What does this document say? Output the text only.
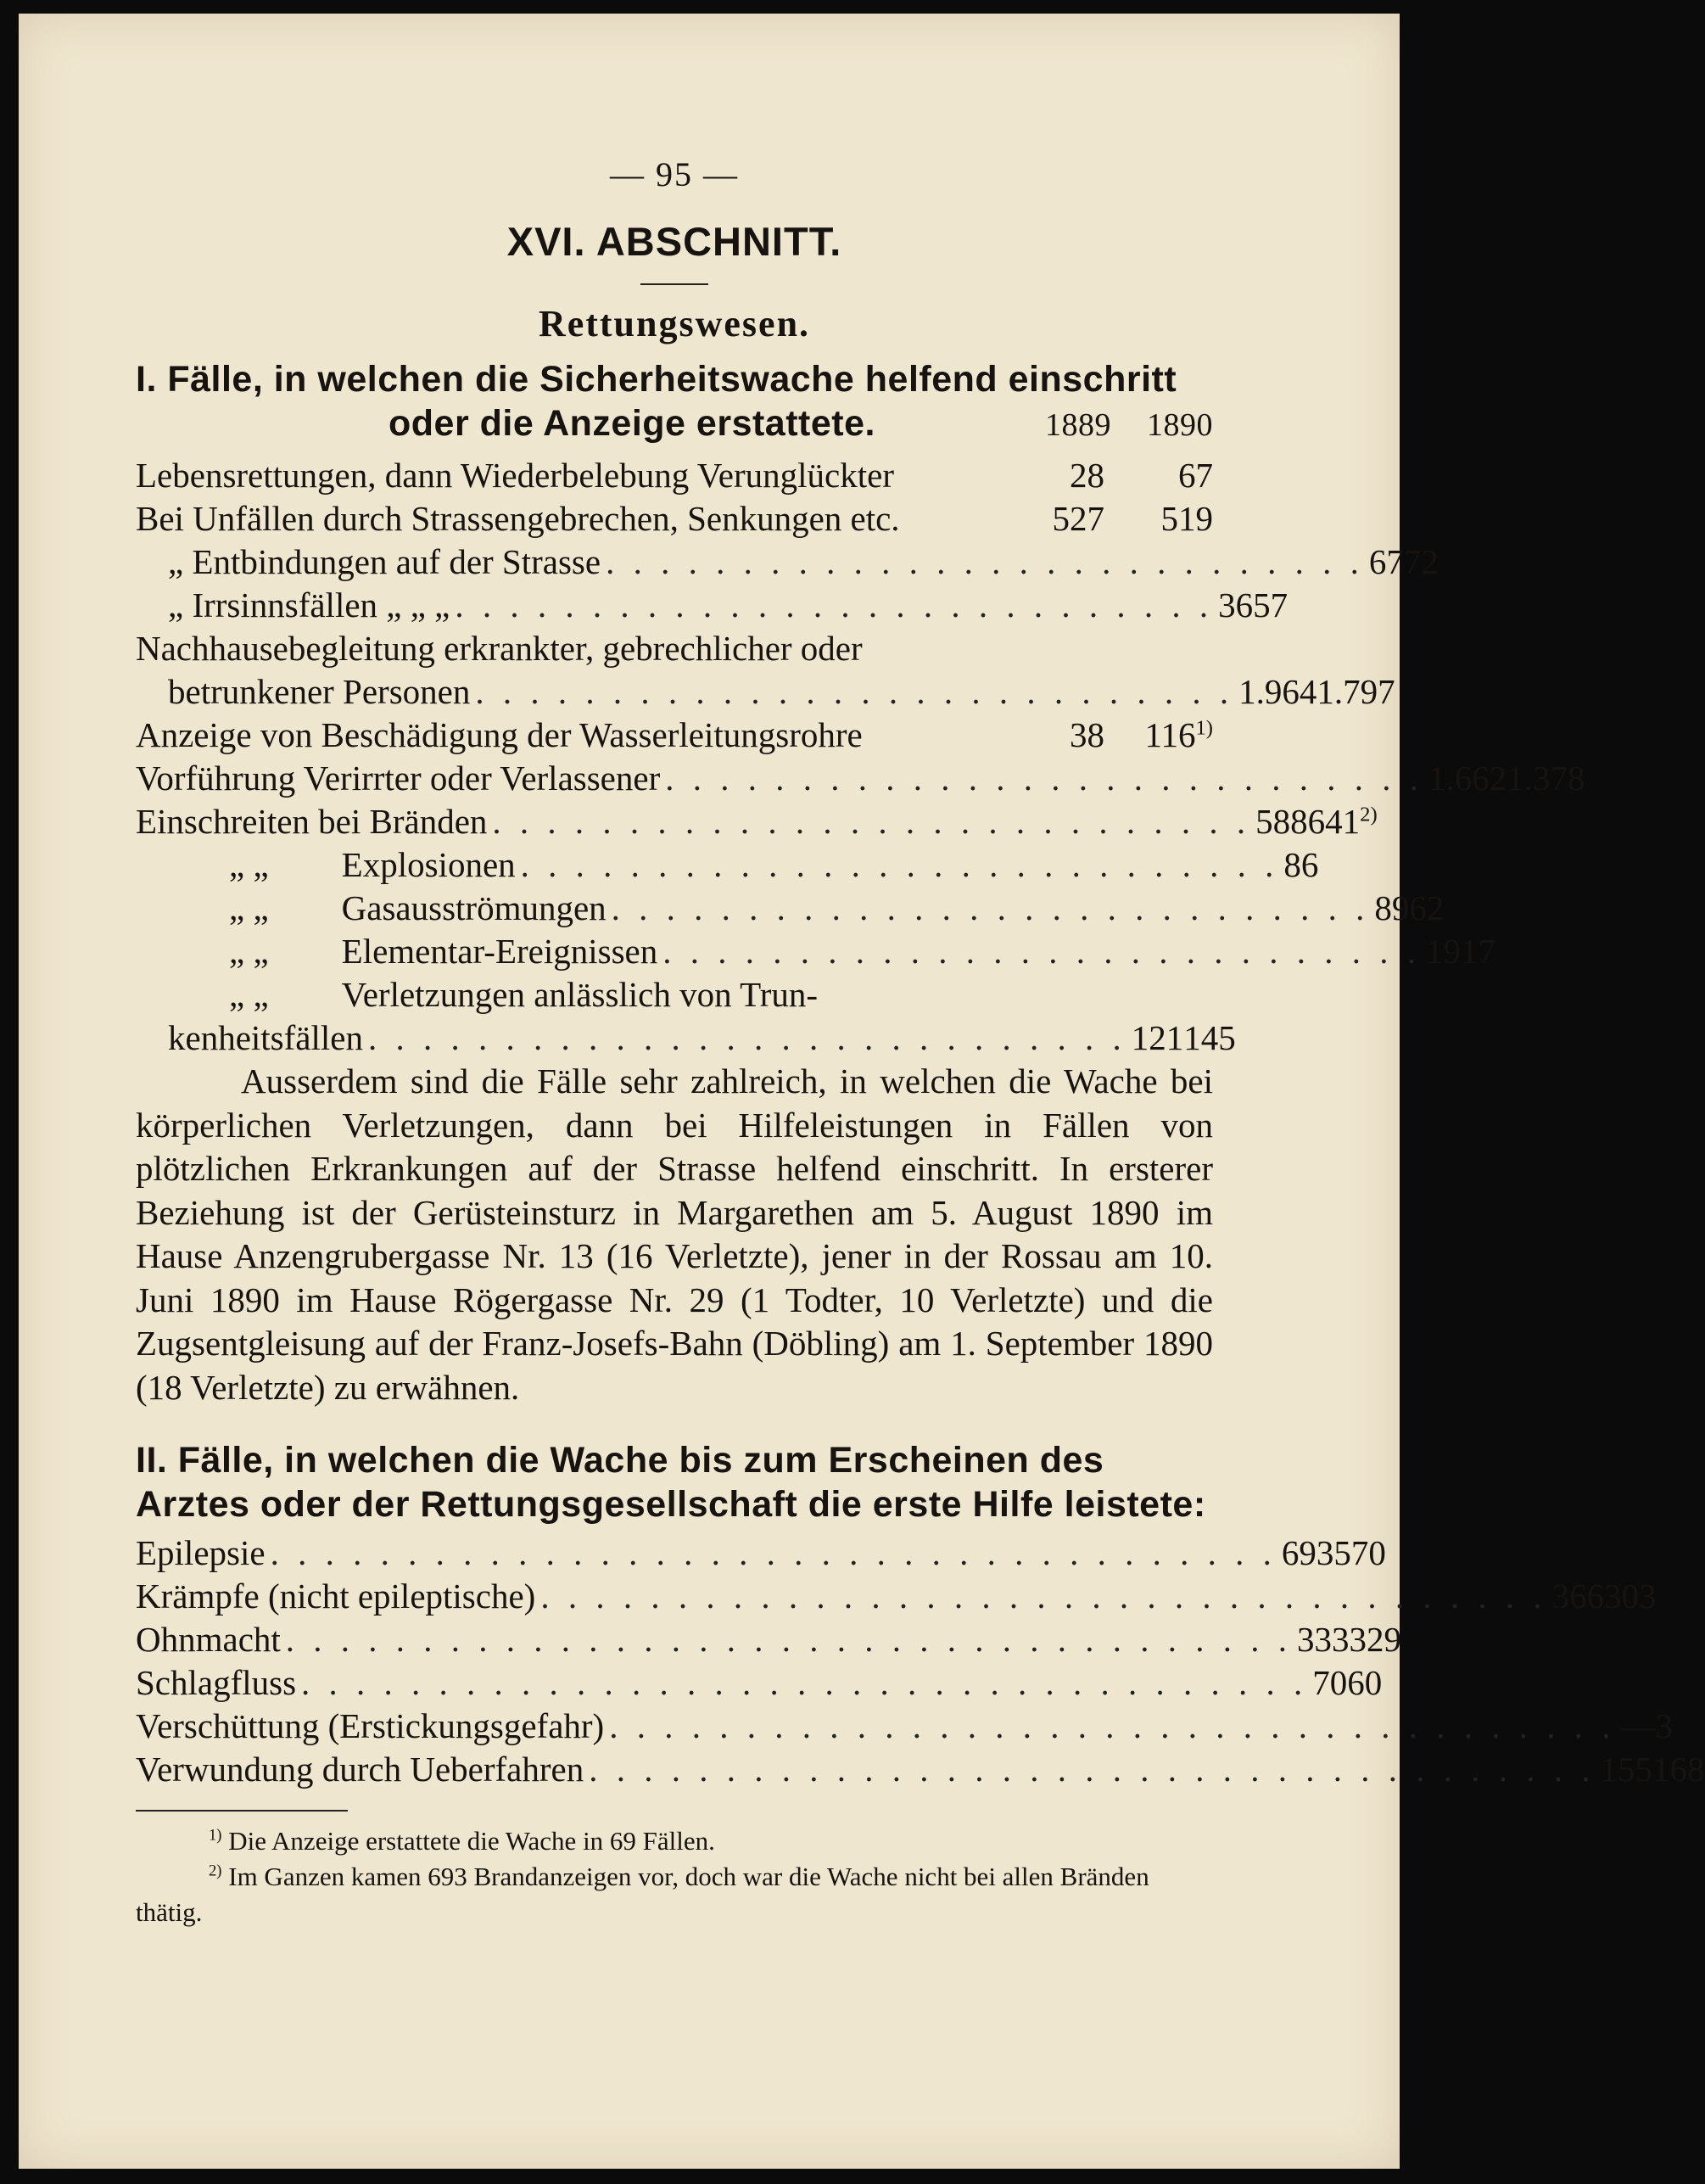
— 95 —

XVI. ABSCHNITT.
Rettungswesen.
I. Fälle, in welchen die Sicherheitswache helfend einschritt
oder die Anzeige erstattete.	1889	1890
Lebensrettungen, dann Wiederbelebung Verunglückter	28	67
Bei Unfällen durch Strassengebrechen, Senkungen etc.	527	519
„ Entbindungen auf der Strasse . . . . . . . . . . . . . . . . . . . . . . . . . . . . 67 72
„ Irrsinnsfällen „ „ „ . . . . . . . . . . . . . . . . . . . . . . . . . . . . 36 57
Nachhausebegleitung erkrankter, gebrechlicher oder
betrunkener Personen . . . . . . . . . . . . . . . . . . . . . . . . . . . . 1.964 1.797
Anzeige von Beschädigung der Wasserleitungsrohre	38	116$^{1)}$
Vorführung Verirrter oder Verlassener . . . . . . . . . . . . . . . . . . . . . . . . . . . . 1.662 1.378
Einschreiten bei Bränden . . . . . . . . . . . . . . . . . . . . . . . . . . . . 588 641$^{2)}$
„ „ Explosionen . . . . . . . . . . . . . . . . . . . . . . . . . . . . 8 6
„ „ Gasausströmungen . . . . . . . . . . . . . . . . . . . . . . . . . . . . 89 62
„ „ Elementar-Ereignissen . . . . . . . . . . . . . . . . . . . . . . . . . . . . 19 17
„ „ Verletzungen anlässlich von Trun-
kenheitsfällen . . . . . . . . . . . . . . . . . . . . . . . . . . . . 121 145

Ausserdem sind die Fälle sehr zahlreich, in welchen die Wache bei körperlichen Verletzungen, dann bei Hilfeleistungen in Fällen von plötzlichen Erkrankungen auf der Strasse helfend einschritt. In ersterer Beziehung ist der Gerüsteinsturz in Margarethen am 5. August 1890 im Hause Anzengrubergasse Nr. 13 (16 Verletzte), jener in der Rossau am 10. Juni 1890 im Hause Rögergasse Nr. 29 (1 Todter, 10 Verletzte) und die Zugsentgleisung auf der Franz-Josefs-Bahn (Döbling) am 1. September 1890 (18 Verletzte) zu erwähnen.

II. Fälle, in welchen die Wache bis zum Erscheinen des
Arztes oder der Rettungsgesellschaft die erste Hilfe leistete:
Epilepsie . . . . . . . . . . . . . . . . . . . . . . . . . . . . . . . . . . . . . 693 570
Krämpfe (nicht epileptische) . . . . . . . . . . . . . . . . . . . . . . . . . . . . . . . . . . . . . 366 303
Ohnmacht . . . . . . . . . . . . . . . . . . . . . . . . . . . . . . . . . . . . . 333 329
Schlagfluss . . . . . . . . . . . . . . . . . . . . . . . . . . . . . . . . . . . . . 70 60
Verschüttung (Erstickungsgefahr) . . . . . . . . . . . . . . . . . . . . . . . . . . . . . . . . . . . . . — 3
Verwundung durch Ueberfahren . . . . . . . . . . . . . . . . . . . . . . . . . . . . . . . . . . . . . 155 168

$^{1)}$ Die Anzeige erstattete die Wache in 69 Fällen.

$^{2)}$ Im Ganzen kamen 693 Brandanzeigen vor, doch war die Wache nicht bei allen Bränden thätig.
